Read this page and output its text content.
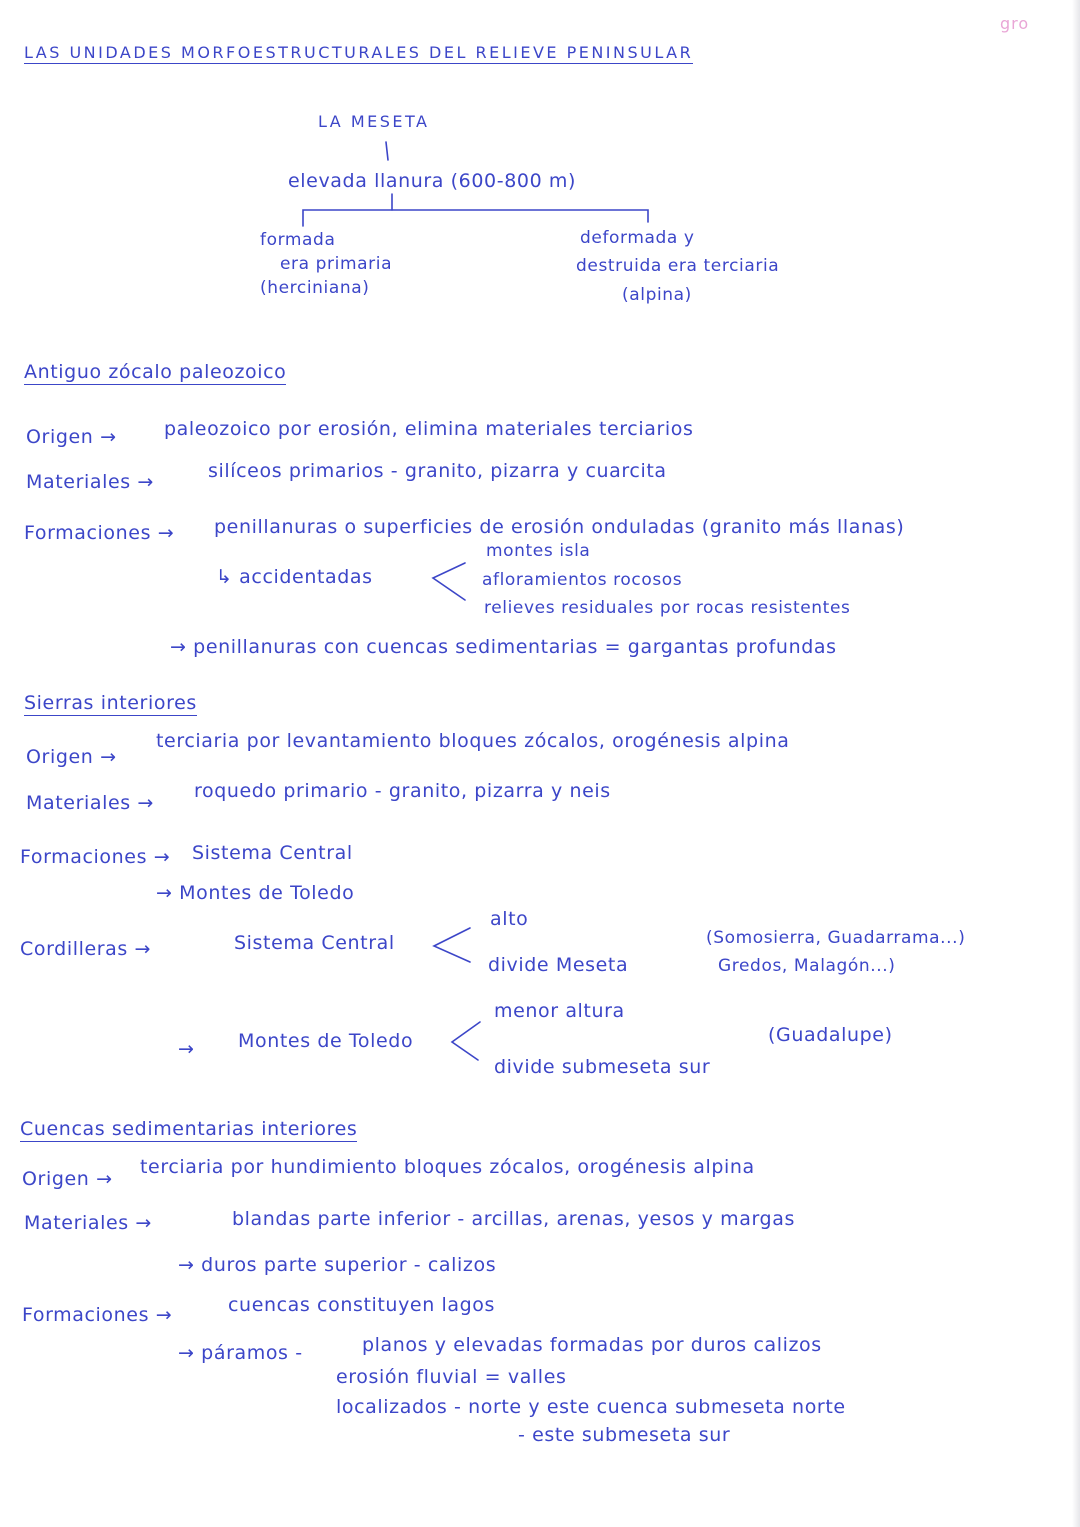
gro
LAS UNIDADES MORFOESTRUCTURALES DEL RELIEVE PENINSULAR
LA MESETA
elevada llanura (600-800 m)
formada
era primaria
(herciniana)
deformada y
destruida era terciaria
(alpina)
Antiguo zócalo paleozoico
Origen → paleozoico por erosión, elimina materiales terciarios
Materiales →	silíceos primarios - granito, pizarra y cuarcita
Formaciones → penillanuras o superficies de erosión onduladas (granito más llanas)
↳ accidentadas
montes isla
afloramientos rocosos
relieves residuales por rocas resistentes
→ penillanuras con cuencas sedimentarias = gargantas profundas
Sierras interiores
Origen →
terciaria por levantamiento bloques zócalos, orogénesis alpina
Materiales →
roquedo primario - granito, pizarra y neis
Formaciones → Sistema Central
→ Montes de Toledo
Cordilleras →	Sistema Central
alto
divide Meseta
(Somosierra, Guadarrama...)
Gredos, Malagón...)
→ Montes de Toledo
menor altura
divide submeseta sur
(Guadalupe)
Cuencas sedimentarias interiores
Origen →
terciaria por hundimiento bloques zócalos, orogénesis alpina
Materiales →	blandas parte inferior - arcillas, arenas, yesos y margas
→ duros parte superior - calizos
Formaciones →	cuencas constituyen lagos
→ páramos -	planos y elevadas formadas por duros calizos
erosión fluvial = valles
localizados - norte y este cuenca submeseta norte
- este submeseta sur
